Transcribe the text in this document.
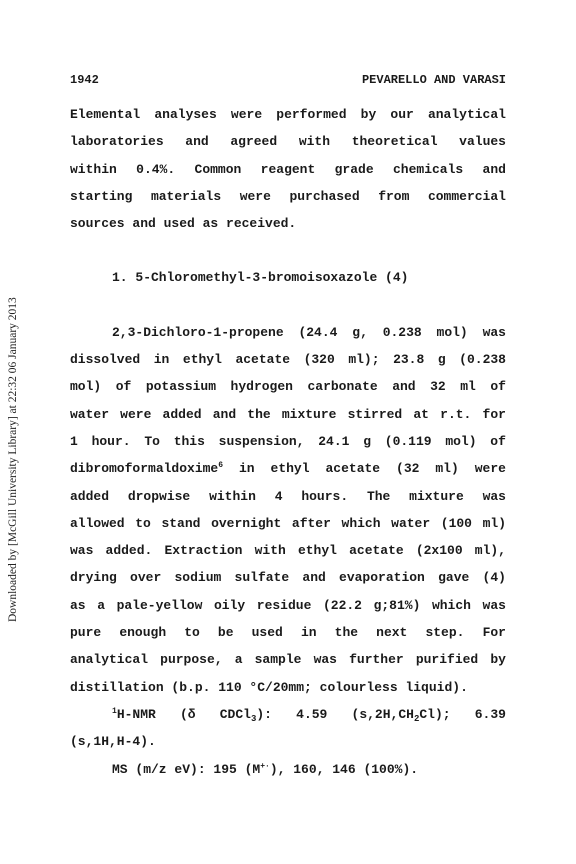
Downloaded by [McGill University Library] at 22:32 06 January 2013
1942	PEVARELLO AND VARASI
Elemental analyses were performed by our analytical
laboratories and agreed with theoretical values
within 0.4%. Common reagent grade chemicals and
starting materials were purchased from commercial
sources and used as received.
1. 5-Chloromethyl-3-bromoisoxazole (4)
2,3-Dichloro-1-propene (24.4 g, 0.238 mol) was
dissolved in ethyl acetate (320 ml); 23.8 g (0.238
mol) of potassium hydrogen carbonate and 32 ml of
water were added and the mixture stirred at r.t. for
1 hour. To this suspension, 24.1 g (0.119 mol) of
dibromoformaldoxime$^6$ in ethyl acetate (32 ml) were
added dropwise within 4 hours. The mixture was
allowed to stand overnight after which water (100 ml)
was added. Extraction with ethyl acetate (2x100 ml),
drying over sodium sulfate and evaporation gave (4)
as a pale-yellow oily residue (22.2 g;81%) which was
pure enough to be used in the next step. For
analytical purpose, a sample was further purified by
distillation (b.p. 110 °C/20mm; colourless liquid).
$^1$H-NMR (δ CDCl$_3$): 4.59 $(s,2H,CH_2Cl)$; 6.39
(s,1H,H-4).
MS (m/z eV): 195 (M+·), 160, 146 (100%).
